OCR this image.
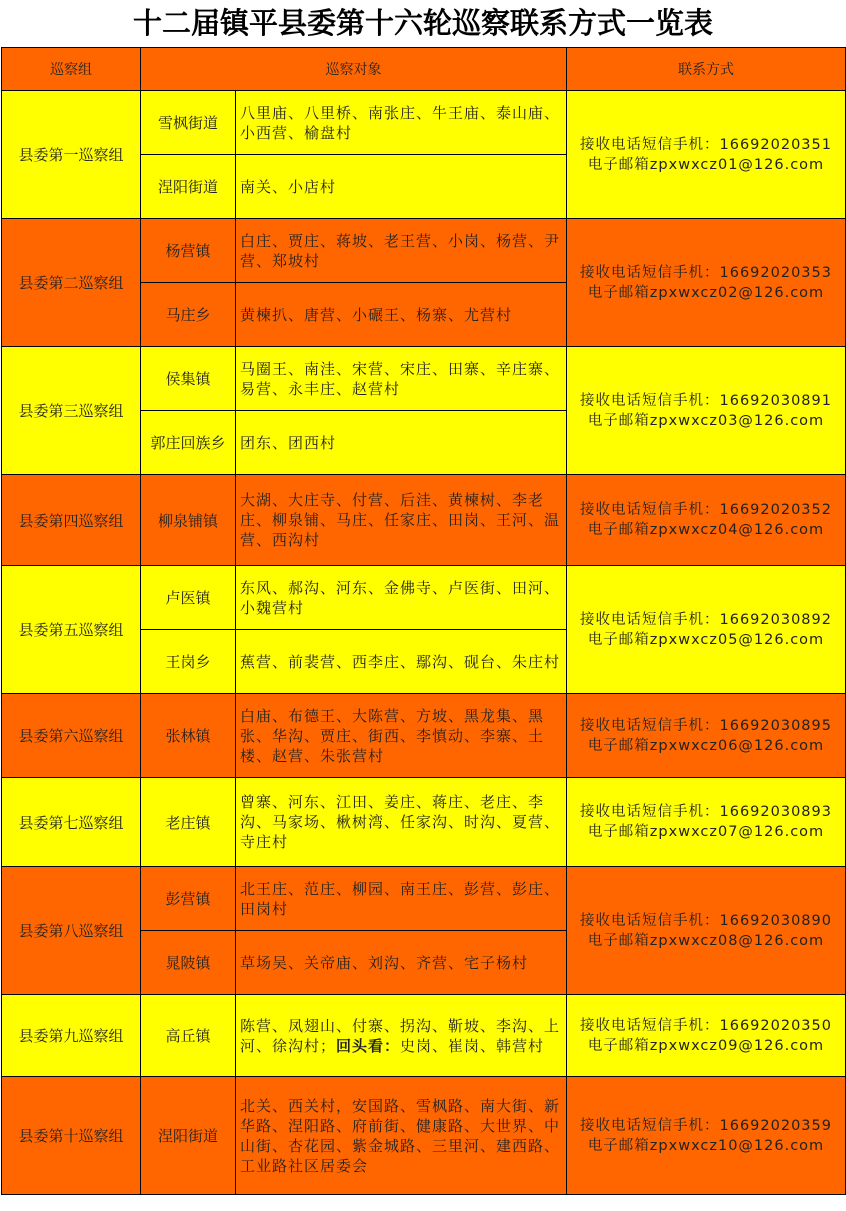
十二届镇平县委第十六轮巡察联系方式一览表
巡察组	巡察对象		联系方式
县委第一巡察组	雪枫街道	八里庙、八里桥、南张庄、牛王庙、泰山庙、小西营、榆盘村	接收电话短信手机：16692020351
电子邮箱zpxwxcz01@126.com

	涅阳街道	南关、小店村	
县委第二巡察组	杨营镇	白庄、贾庄、蒋坡、老王营、小岗、杨营、尹营、郑坡村	接收电话短信手机：16692020353
电子邮箱zpxwxcz02@126.com

	马庄乡	黄楝扒、唐营、小碾王、杨寨、尤营村	
县委第三巡察组	侯集镇	马圈王、南洼、宋营、宋庄、田寨、辛庄寨、易营、永丰庄、赵营村	接收电话短信手机：16692030891
电子邮箱zpxwxcz03@126.com

	郭庄回族乡	团东、团西村	
县委第四巡察组	柳泉铺镇	大湖、大庄寺、付营、后洼、黄楝树、李老庄、柳泉铺、马庄、任家庄、田岗、王河、温营、西沟村	接收电话短信手机：16692020352
电子邮箱zpxwxcz04@126.com

县委第五巡察组	卢医镇	东风、郝沟、河东、金佛寺、卢医街、田河、小魏营村	接收电话短信手机：16692030892
电子邮箱zpxwxcz05@126.com

	王岗乡	蕉营、前裴营、西李庄、鄢沟、砚台、朱庄村	
县委第六巡察组	张林镇	白庙、布德王、大陈营、方坡、黑龙集、黑张、华沟、贾庄、街西、李慎动、李寨、土楼、赵营、朱张营村	接收电话短信手机：16692030895
电子邮箱zpxwxcz06@126.com

县委第七巡察组	老庄镇	曾寨、河东、江田、姜庄、蒋庄、老庄、李沟、马家场、楸树湾、任家沟、时沟、夏营、寺庄村	接收电话短信手机：16692030893
电子邮箱zpxwxcz07@126.com

县委第八巡察组	彭营镇	北王庄、范庄、柳园、南王庄、彭营、彭庄、田岗村	接收电话短信手机：16692030890
电子邮箱zpxwxcz08@126.com

	晁陂镇	草场吴、关帝庙、刘沟、齐营、宅子杨村	
县委第九巡察组	高丘镇	陈营、凤翅山、付寨、拐沟、靳坡、李沟、上河、徐沟村；回头看：史岗、崔岗、韩营村	接收电话短信手机：16692020350
电子邮箱zpxwxcz09@126.com

县委第十巡察组	涅阳街道	北关、西关村，安国路、雪枫路、南大街、新华路、涅阳路、府前街、健康路、大世界、中山街、杏花园、紫金城路、三里河、建西路、工业路社区居委会	接收电话短信手机：16692020359
电子邮箱zpxwxcz10@126.com
